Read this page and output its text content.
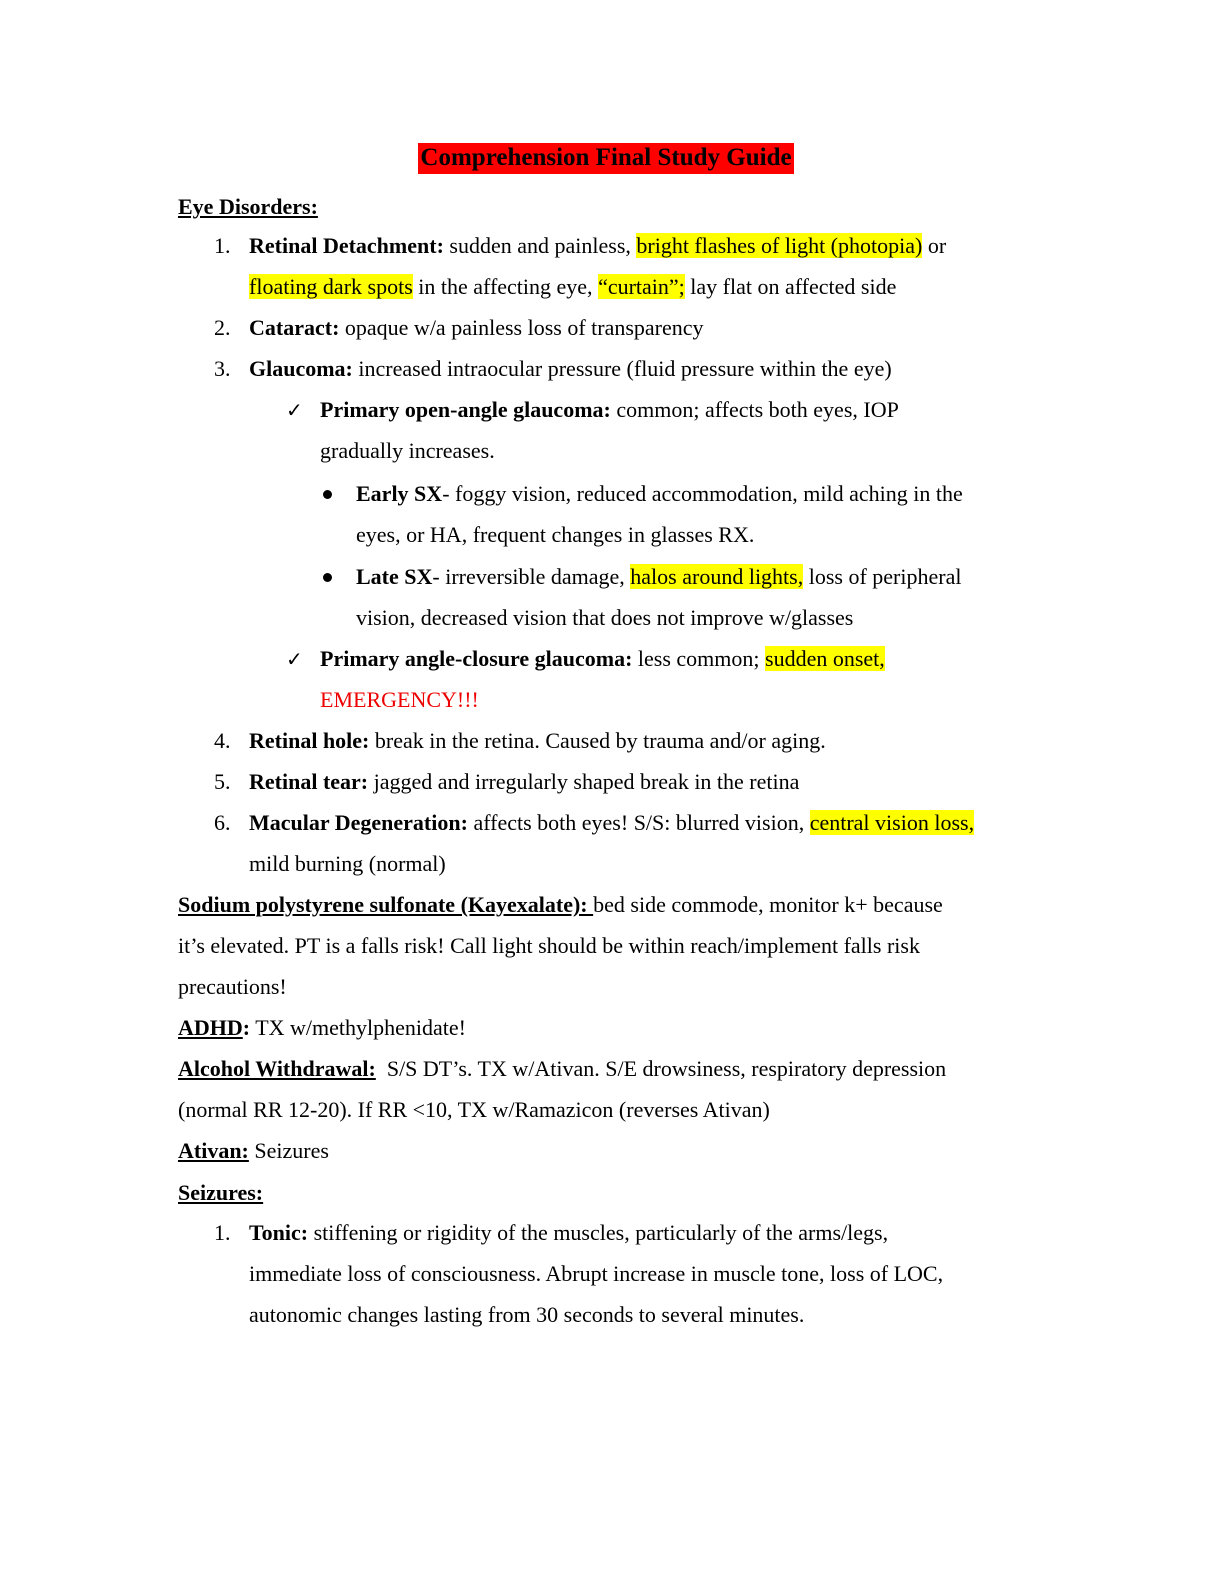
Comprehension Final Study Guide
Eye Disorders:
1. Retinal Detachment: sudden and painless, bright flashes of light (photopia) or
floating dark spots in the affecting eye, “curtain”; lay flat on affected side
2. Cataract: opaque w/a painless loss of transparency
3. Glaucoma: increased intraocular pressure (fluid pressure within the eye)
✓ Primary open-angle glaucoma: common; affects both eyes, IOP
gradually increases.
Early SX- foggy vision, reduced accommodation, mild aching in the
eyes, or HA, frequent changes in glasses RX.
Late SX- irreversible damage, halos around lights, loss of peripheral
vision, decreased vision that does not improve w/glasses
✓ Primary angle-closure glaucoma: less common; sudden onset,
EMERGENCY!!!
4. Retinal hole: break in the retina. Caused by trauma and/or aging.
5. Retinal tear: jagged and irregularly shaped break in the retina
6. Macular Degeneration: affects both eyes! S/S: blurred vision, central vision loss,
mild burning (normal)
Sodium polystyrene sulfonate (Kayexalate): bed side commode, monitor k+ because
it’s elevated. PT is a falls risk! Call light should be within reach/implement falls risk
precautions!
ADHD: TX w/methylphenidate!
Alcohol Withdrawal:  S/S DT’s. TX w/Ativan. S/E drowsiness, respiratory depression
(normal RR 12-20). If RR <10, TX w/Ramazicon (reverses Ativan)
Ativan: Seizures
Seizures:
1. Tonic: stiffening or rigidity of the muscles, particularly of the arms/legs,
immediate loss of consciousness. Abrupt increase in muscle tone, loss of LOC,
autonomic changes lasting from 30 seconds to several minutes.
